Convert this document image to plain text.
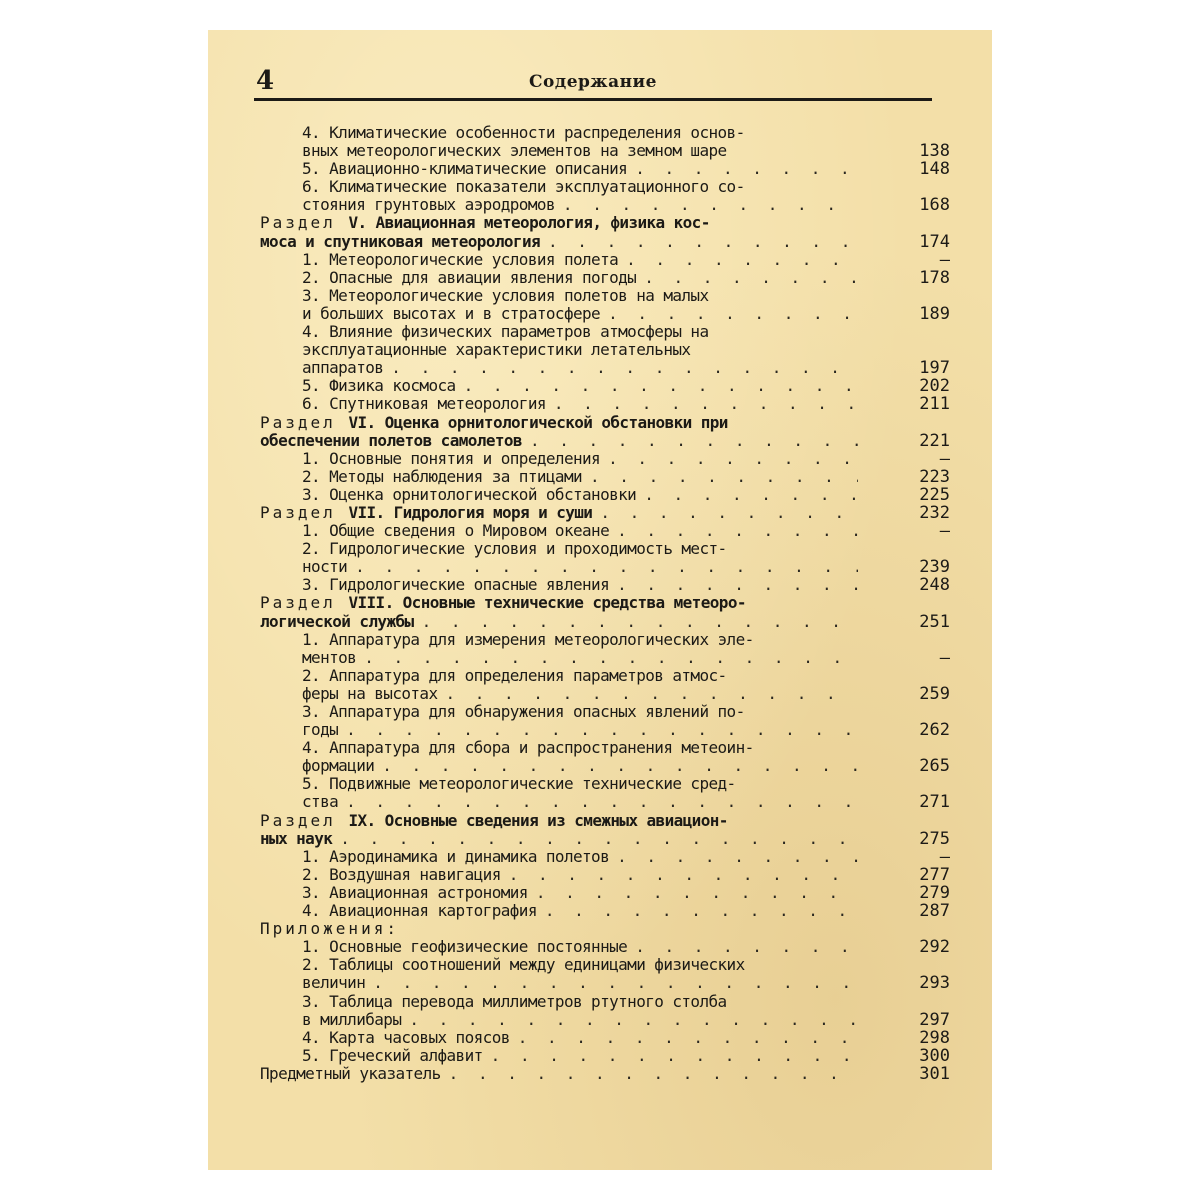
4	Содержание
4. Климатические особенности распределения основ-
вных метеорологических элементов на земном шаре	138
5. Авиационно-климатические описания . . .	148
6. Климатические показатели эксплуатационного со-
стояния грунтовых аэродромов . . .	168
Раздел V. Авиационная метеорология, физика кос-
моса и спутниковая метеорология . . .	174
1. Метеорологические условия полета . . .	—
2. Опасные для авиации явления погоды . . .	178
3. Метеорологические условия полетов на малых
и больших высотах и в стратосфере . . .	189
4. Влияние физических параметров атмосферы на
эксплуатационные характеристики летательных
аппаратов . . .	197
5. Физика космоса . . .	202
6. Спутниковая метеорология . . .	211
Раздел VI. Оценка орнитологической обстановки при
обеспечении полетов самолетов . . .	221
1. Основные понятия и определения . . .	—
2. Методы наблюдения за птицами . . .	223
3. Оценка орнитологической обстановки . . .	225
Раздел VII. Гидрология моря и суши . . .	232
1. Общие сведения о Мировом океане . . .	—
2. Гидрологические условия и проходимость мест-
ности . . .	239
3. Гидрологические опасные явления . . .	248
Раздел VIII. Основные технические средства метеоро-
логической службы . . .	251
1. Аппаратура для измерения метеорологических эле-
ментов . . .	—
2. Аппаратура для определения параметров атмос-
феры на высотах . . .	259
3. Аппаратура для обнаружения опасных явлений по-
годы . . .	262
4. Аппаратура для сбора и распространения метеоин-
формации . . .	265
5. Подвижные метеорологические технические сред-
ства . . .	271
Раздел IX. Основные сведения из смежных авиацион-
ных наук . . .	275
1. Аэродинамика и динамика полетов . . .	—
2. Воздушная навигация . . .	277
3. Авиационная астрономия . . .	279
4. Авиационная картография . . .	287
Приложения:
1. Основные геофизические постоянные . . .	292
2. Таблицы соотношений между единицами физических
величин . . .	293
3. Таблица перевода миллиметров ртутного столба
в миллибары . . .	297
4. Карта часовых поясов . . .	298
5. Греческий алфавит . . .	300
Предметный указатель . . .	301
